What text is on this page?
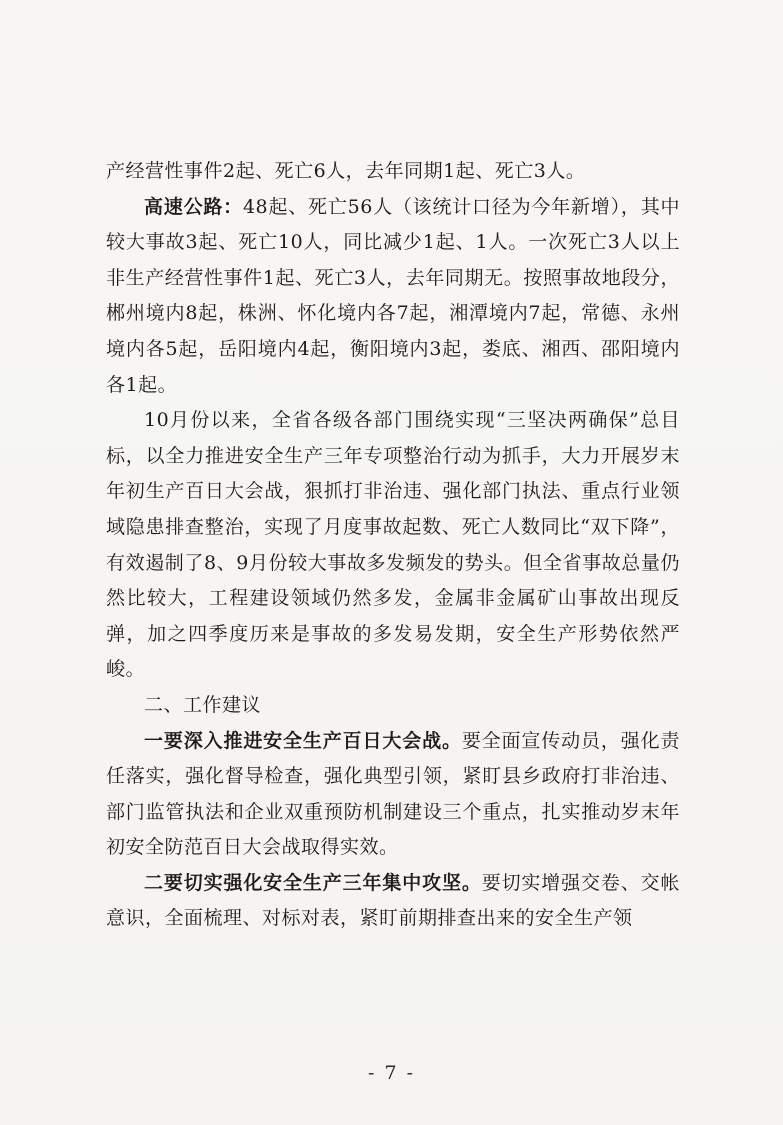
产经营性事件2起、死亡6人，去年同期1起、死亡3人。

高速公路：48起、死亡56人（该统计口径为今年新增），其中较大事故3起、死亡10人，同比减少1起、1人。一次死亡3人以上非生产经营性事件1起、死亡3人，去年同期无。按照事故地段分，郴州境内8起，株洲、怀化境内各7起，湘潭境内7起，常德、永州境内各5起，岳阳境内4起，衡阳境内3起，娄底、湘西、邵阳境内各1起。

10月份以来，全省各级各部门围绕实现“三坚决两确保”总目标，以全力推进安全生产三年专项整治行动为抓手，大力开展岁末年初生产百日大会战，狠抓打非治违、强化部门执法、重点行业领域隐患排查整治，实现了月度事故起数、死亡人数同比“双下降”，有效遏制了8、9月份较大事故多发频发的势头。但全省事故总量仍然比较大，工程建设领域仍然多发，金属非金属矿山事故出现反弹，加之四季度历来是事故的多发易发期，安全生产形势依然严峻。

二、工作建议

一要深入推进安全生产百日大会战。要全面宣传动员，强化责任落实，强化督导检查，强化典型引领，紧盯县乡政府打非治违、部门监管执法和企业双重预防机制建设三个重点，扎实推动岁末年初安全防范百日大会战取得实效。

二要切实强化安全生产三年集中攻坚。要切实增强交卷、交帐意识，全面梳理、对标对表，紧盯前期排查出来的安全生产领

- 7 -
